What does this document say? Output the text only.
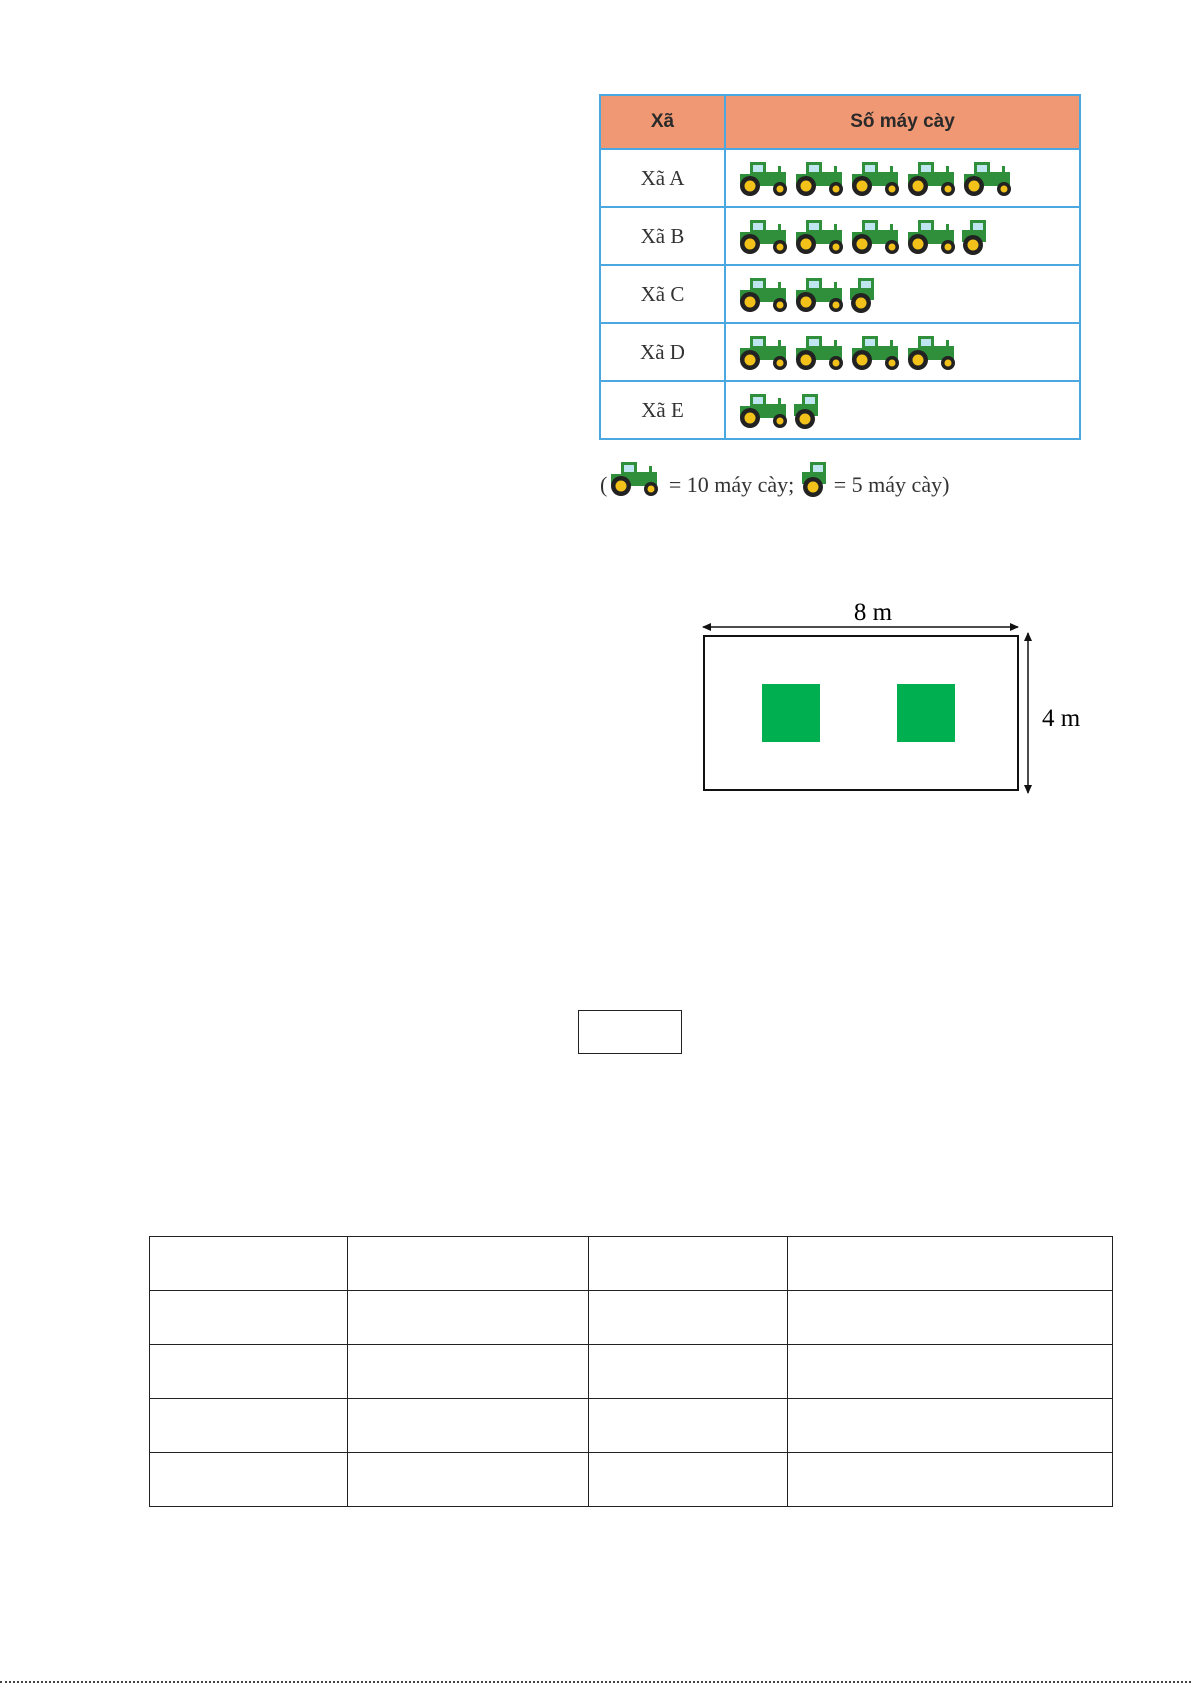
Xã	Số máy cày
Xã A	
Xã B	
Xã C	
Xã D	
Xã E	
(	= 10 máy cày; = 5 máy cày)
8 m
4 m
